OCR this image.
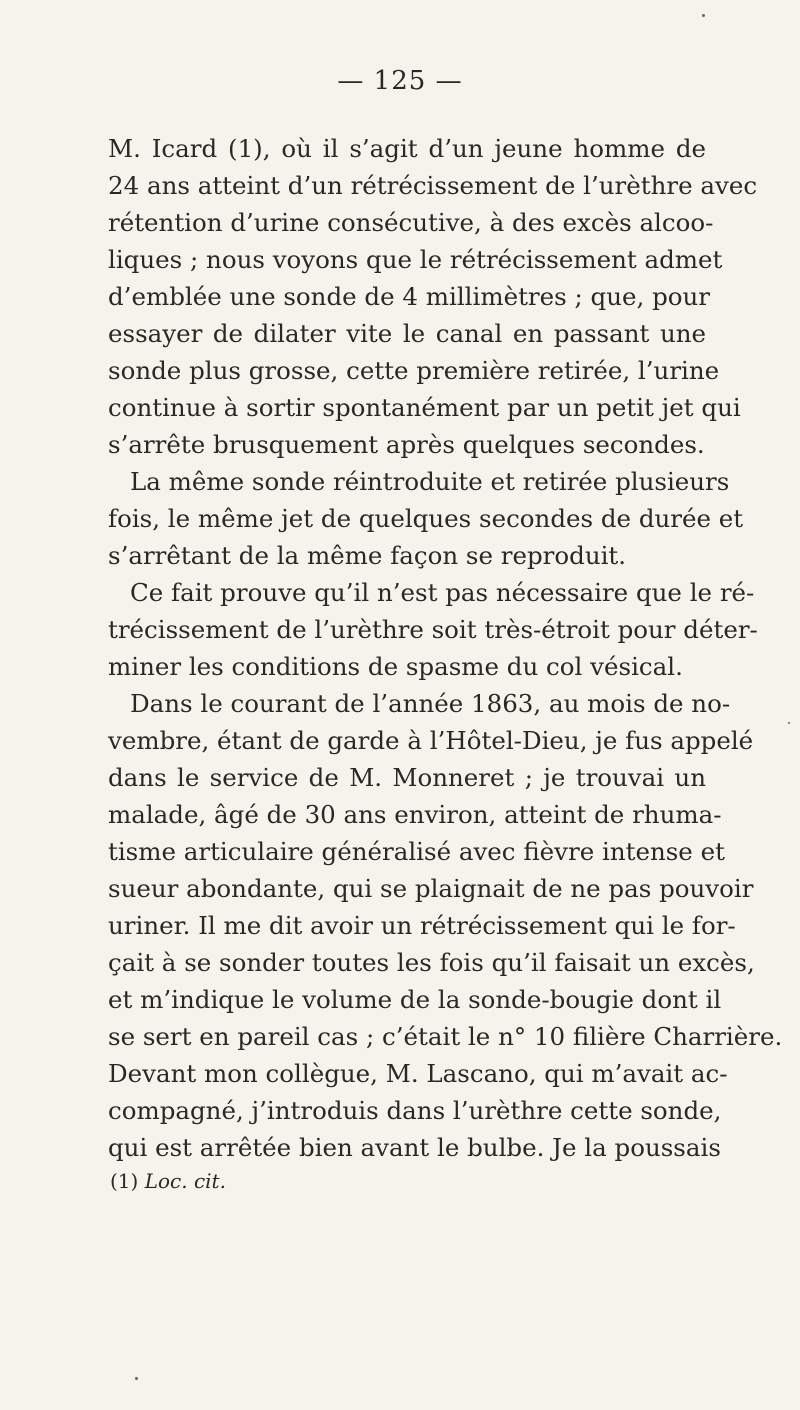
— 125 —
M. Icard (1), où il s’agit d’un jeune homme de
24 ans atteint d’un rétrécissement de l’urèthre avec
rétention d’urine consécutive, à des excès alcoo-
liques ; nous voyons que le rétrécissement admet
d’emblée une sonde de 4 millimètres ; que, pour
essayer de dilater vite le canal en passant une
sonde plus grosse, cette première retirée, l’urine
continue à sortir spontanément par un petit jet qui
s’arrête brusquement après quelques secondes.
La même sonde réintroduite et retirée plusieurs
fois, le même jet de quelques secondes de durée et
s’arrêtant de la même façon se reproduit.
Ce fait prouve qu’il n’est pas nécessaire que le ré-
trécissement de l’urèthre soit très-étroit pour déter-
miner les conditions de spasme du col vésical.
Dans le courant de l’année 1863, au mois de no-
vembre, étant de garde à l’Hôtel-Dieu, je fus appelé
dans le service de M. Monneret ; je trouvai un
malade, âgé de 30 ans environ, atteint de rhuma-
tisme articulaire généralisé avec fièvre intense et
sueur abondante, qui se plaignait de ne pas pouvoir
uriner. Il me dit avoir un rétrécissement qui le for-
çait à se sonder toutes les fois qu’il faisait un excès,
et m’indique le volume de la sonde-bougie dont il
se sert en pareil cas ; c’était le n° 10 filière Charrière.
Devant mon collègue, M. Lascano, qui m’avait ac-
compagné, j’introduis dans l’urèthre cette sonde,
qui est arrêtée bien avant le bulbe. Je la poussais
(1) Loc. cit.
